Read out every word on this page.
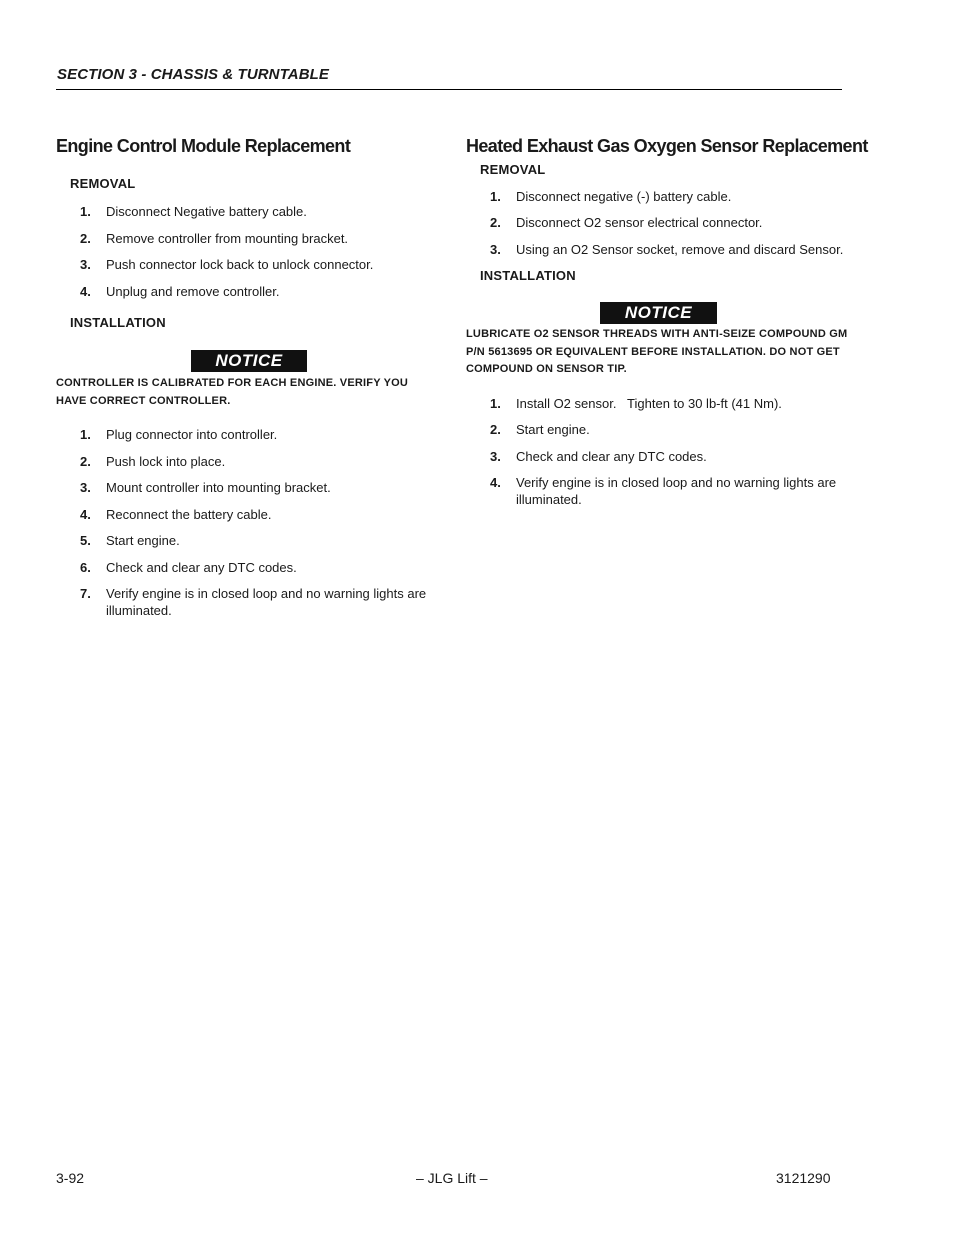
SECTION 3 - CHASSIS & TURNTABLE
Engine Control Module Replacement
REMOVAL
1.	Disconnect Negative battery cable.
2.	Remove controller from mounting bracket.
3.	Push connector lock back to unlock connector.
4.	Unplug and remove controller.
INSTALLATION
NOTICE
CONTROLLER IS CALIBRATED FOR EACH ENGINE. VERIFY YOU HAVE CORRECT CONTROLLER.
1.	Plug connector into controller.
2.	Push lock into place.
3.	Mount controller into mounting bracket.
4.	Reconnect the battery cable.
5.	Start engine.
6.	Check and clear any DTC codes.
7.	Verify engine is in closed loop and no warning lights are illuminated.
Heated Exhaust Gas Oxygen Sensor Replacement
REMOVAL
1.	Disconnect negative (-) battery cable.
2.	Disconnect O2 sensor electrical connector.
3.	Using an O2 Sensor socket, remove and discard Sensor.
INSTALLATION
NOTICE
LUBRICATE O2 SENSOR THREADS WITH ANTI-SEIZE COMPOUND GM P/N 5613695 OR EQUIVALENT BEFORE INSTALLATION. DO NOT GET COMPOUND ON SENSOR TIP.
1.	Install O2 sensor.   Tighten to 30 lb-ft (41 Nm).
2.	Start engine.
3.	Check and clear any DTC codes.
4.	Verify engine is in closed loop and no warning lights are illuminated.
3-92	– JLG Lift –	3121290
